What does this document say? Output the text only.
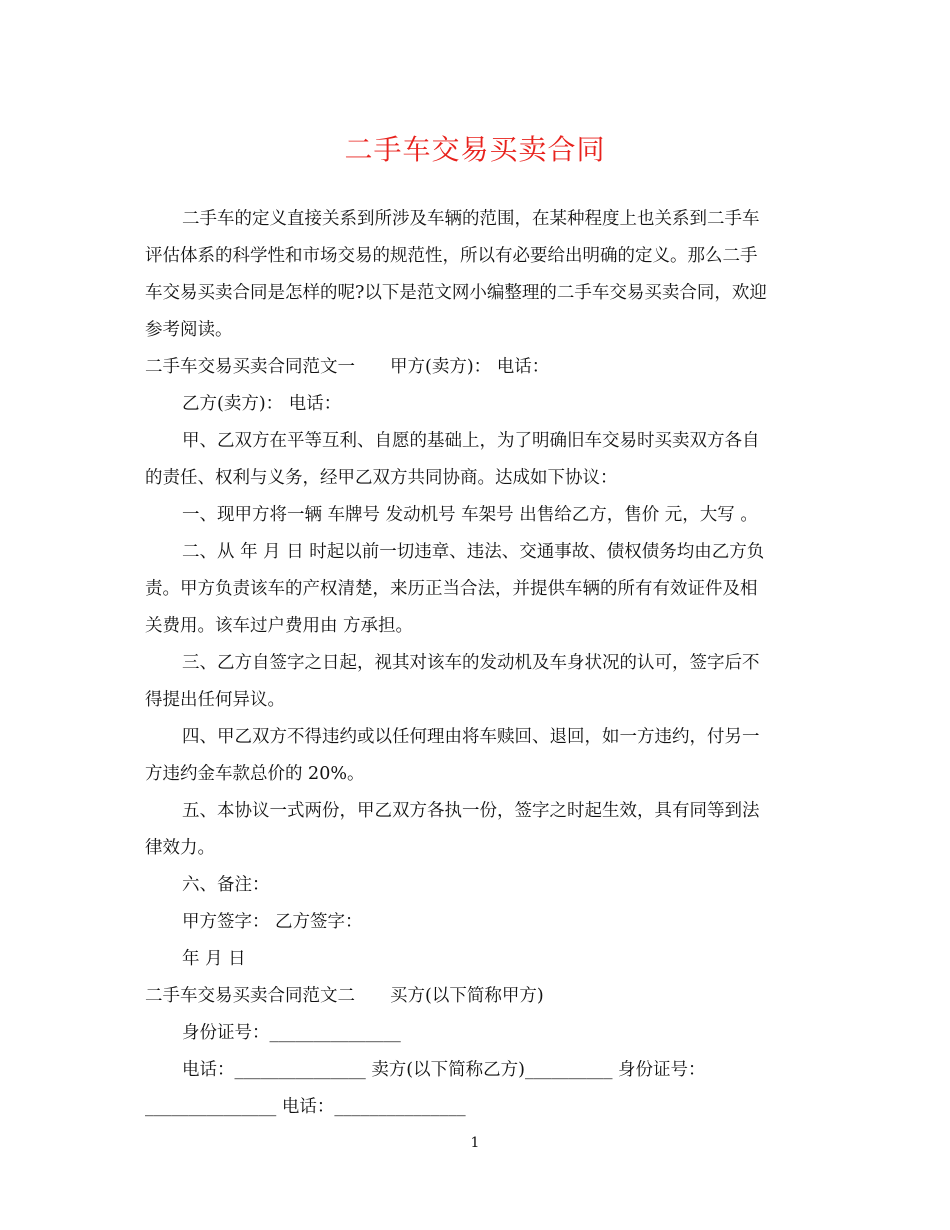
二手车交易买卖合同
二手车的定义直接关系到所涉及车辆的范围，在某种程度上也关系到二手车
评估体系的科学性和市场交易的规范性，所以有必要给出明确的定义。那么二手
车交易买卖合同是怎样的呢?以下是范文网小编整理的二手车交易买卖合同，欢迎
参考阅读。
二手车交易买卖合同范文一　　甲方(卖方)： 电话：
乙方(卖方)： 电话：
甲、乙双方在平等互利、自愿的基础上，为了明确旧车交易时买卖双方各自
的责任、权利与义务，经甲乙双方共同协商。达成如下协议：
一、现甲方将一辆 车牌号 发动机号 车架号 出售给乙方，售价 元，大写 。
二、从 年 月 日 时起以前一切违章、违法、交通事故、债权债务均由乙方负
责。甲方负责该车的产权清楚，来历正当合法，并提供车辆的所有有效证件及相
关费用。该车过户费用由 方承担。
三、乙方自签字之日起，视其对该车的发动机及车身状况的认可，签字后不
得提出任何异议。
四、甲乙双方不得违约或以任何理由将车赎回、退回，如一方违约，付另一
方违约金车款总价的 20%。
五、本协议一式两份，甲乙双方各执一份，签字之时起生效，具有同等到法
律效力。
六、备注：
甲方签字： 乙方签字：
年 月 日
二手车交易买卖合同范文二　　买方(以下简称甲方)
身份证号：_______________
电话：_______________ 卖方(以下简称乙方)__________ 身份证号：
_______________ 电话：_______________
1
